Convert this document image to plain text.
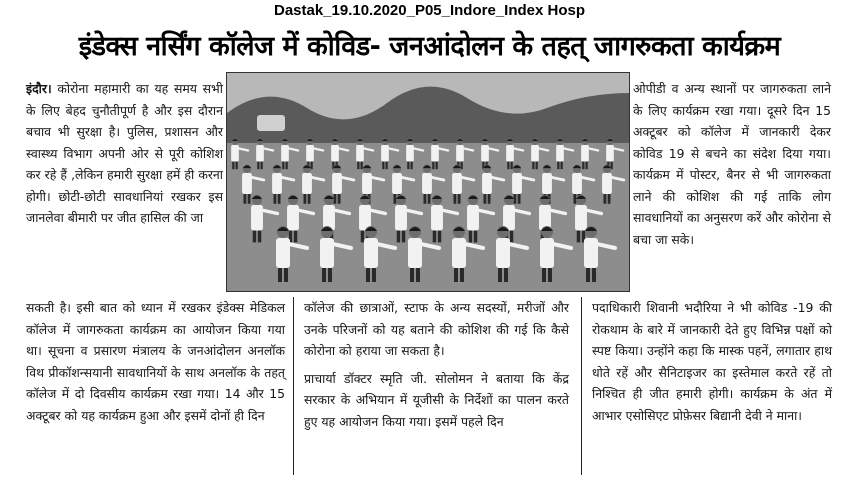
Dastak_19.10.2020_P05_Indore_Index Hosp
इंडेक्स नर्सिंग कॉलेज में कोविड- जनआंदोलन के तहत् जागरुकता कार्यक्रम

इंदौर। कोरोना महामारी का यह समय सभी के लिए बेहद चुनौतीपूर्ण है और इस दौरान बचाव भी सुरक्षा है। पुलिस, प्रशासन और स्वास्थ्य विभाग अपनी ओर से पूरी कोशिश कर रहे हैं ,लेकिन हमारी सुरक्षा हमें ही करना होगी। छोटी-छोटी सावधानियां रखकर इस जानलेवा बीमारी पर जीत हासिल की जा

ओपीडी व अन्य स्थानों पर जागरुकता लाने के लिए कार्यक्रम रखा गया। दूसरे दिन 15 अक्टूबर को कॉलेज में जानकारी देकर कोविड 19 से बचने का संदेश दिया गया। कार्यक्रम में पोस्टर, बैनर से भी जागरुकता लाने की कोशिश की गई ताकि लोग सावधानियों का अनुसरण करें और कोरोना से बचा जा सके।

सकती है। इसी बात को ध्यान में रखकर इंडेक्स मेडिकल कॉलेज में जागरुकता कार्यक्रम का आयोजन किया गया था। सूचना व प्रसारण मंत्रालय के जनआंदोलन अनलॉक विथ प्रीकॉशन्सयानी सावधानियों के साथ अनलॉक के तहत् कॉलेज में दो दिवसीय कार्यक्रम रखा गया। 14 और 15 अक्टूबर को यह कार्यक्रम हुआ और इसमें दोनों ही दिन

कॉलेज की छात्राओं, स्टाफ के अन्य सदस्यों, मरीजों और उनके परिजनों को यह बताने की कोशिश की गई कि कैसे कोरोना को हराया जा सकता है।

प्राचार्या डॉक्टर स्मृति जी. सोलोमन ने बताया कि केंद्र सरकार के अभियान में यूजीसी के निर्देशों का पालन करते हुए यह आयोजन किया गया। इसमें पहले दिन

पदाधिकारी शिवानी भदौरिया ने भी कोविड -19 की रोकथाम के बारे में जानकारी देते हुए विभिन्न पक्षों को स्पष्ट किया। उन्होंने कहा कि मास्क पहनें, लगातार हाथ धोते रहें और सैनिटाइजर का इस्तेमाल करते रहें तो निश्चित ही जीत हमारी होगी। कार्यक्रम के अंत में आभार एसोसिएट प्रोफ़ेसर बिद्यानी देवी ने माना।
